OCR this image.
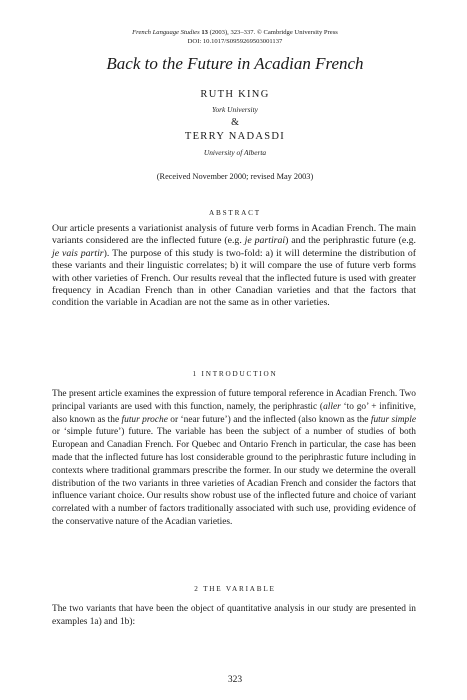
French Language Studies 13 (2003), 323–337. © Cambridge University Press
DOI: 10.1017/S0959269503001137
Back to the Future in Acadian French
RUTH KING
York University
&
TERRY NADASDI
University of Alberta
(Received November 2000; revised May 2003)
ABSTRACT

Our article presents a variationist analysis of future verb forms in Acadian French. The main variants considered are the inflected future (e.g. je partirai) and the periphrastic future (e.g. je vais partir). The purpose of this study is two-fold: a) it will determine the distribution of these variants and their linguistic correlates; b) it will compare the use of future verb forms with other varieties of French. Our results reveal that the inflected future is used with greater frequency in Acadian French than in other Canadian varieties and that the factors that condition the variable in Acadian are not the same as in other varieties.

1 INTRODUCTION

The present article examines the expression of future temporal reference in Acadian French. Two principal variants are used with this function, namely, the periphrastic (aller ‘to go’ + infinitive, also known as the futur proche or ‘near future’) and the inflected (also known as the futur simple or ‘simple future’) future. The variable has been the subject of a number of studies of both European and Canadian French. For Quebec and Ontario French in particular, the case has been made that the inflected future has lost considerable ground to the periphrastic future including in contexts where traditional grammars prescribe the former. In our study we determine the overall distribution of the two variants in three varieties of Acadian French and consider the factors that influence variant choice. Our results show robust use of the inflected future and choice of variant correlated with a number of factors traditionally associated with such use, providing evidence of the conservative nature of the Acadian varieties.

2 THE VARIABLE

The two variants that have been the object of quantitative analysis in our study are presented in examples 1a) and 1b):

323
